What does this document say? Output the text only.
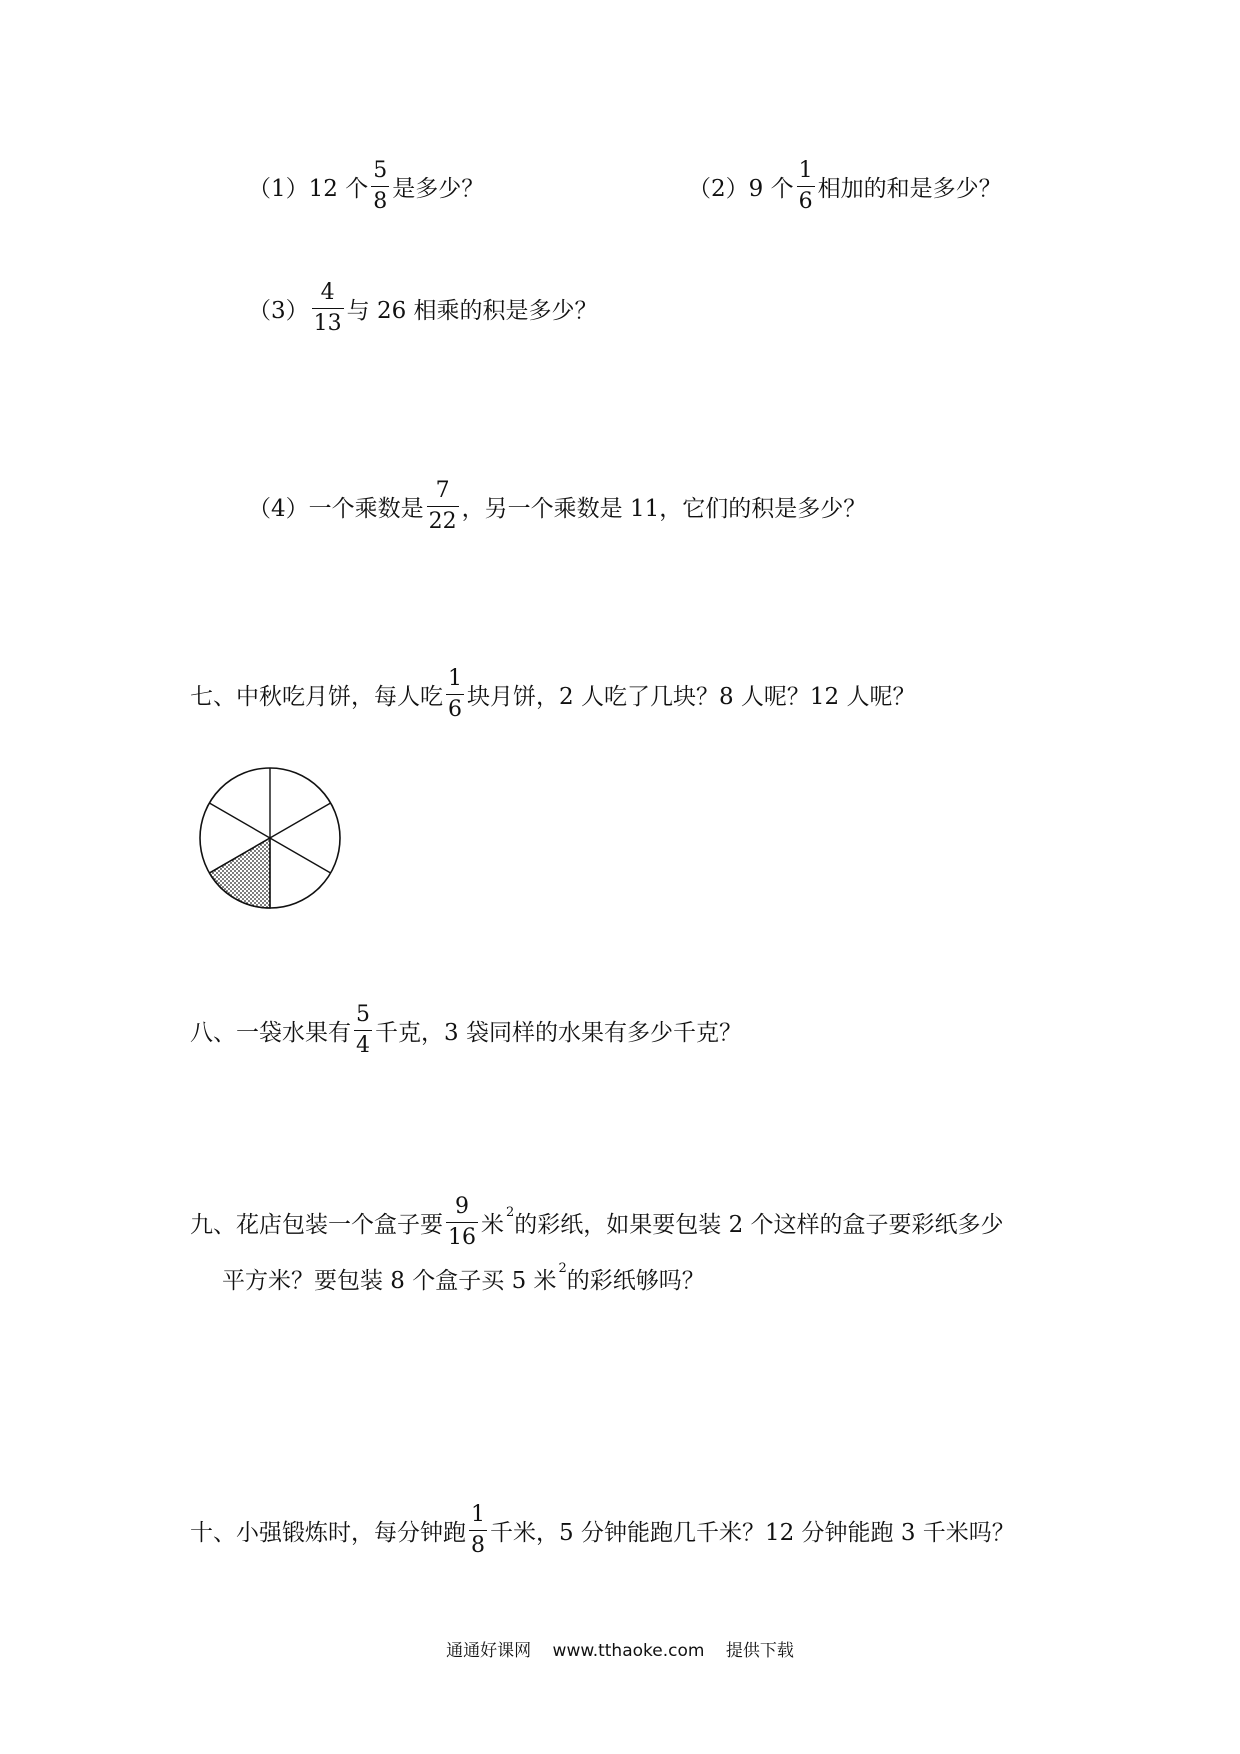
（1）12 个 $\frac{5}{8}$ 是多少？	（2）9 个 $\frac{1}{6}$ 相加的和是多少？
$(3) \frac{4}{13}$ 与 26 相乘的积是多少？
（4）一个乘数是 $\frac{7}{22}$ ，另一个乘数是 11，它们的积是多少？
七、中秋吃月饼，每人吃 $\frac{1}{6}$ 块月饼，2 人吃了几块？8 人呢？12 人呢？
八、一袋水果有 $\frac{5}{4}$ 千克，3 袋同样的水果有多少千克？
九、花店包装一个盒子要 $\frac{9}{16}$ 米$^2$ 的彩纸，如果要包装 2 个这样的盒子要彩纸多少
平方米？要包装 8 个盒子买 5 米$^2$ 的彩纸够吗？
十、小强锻炼时，每分钟跑 $\frac{1}{8}$ 千米，5 分钟能跑几千米？12 分钟能跑 3 千米吗？
通通好课网 www.tthaoke.com 提供下载
